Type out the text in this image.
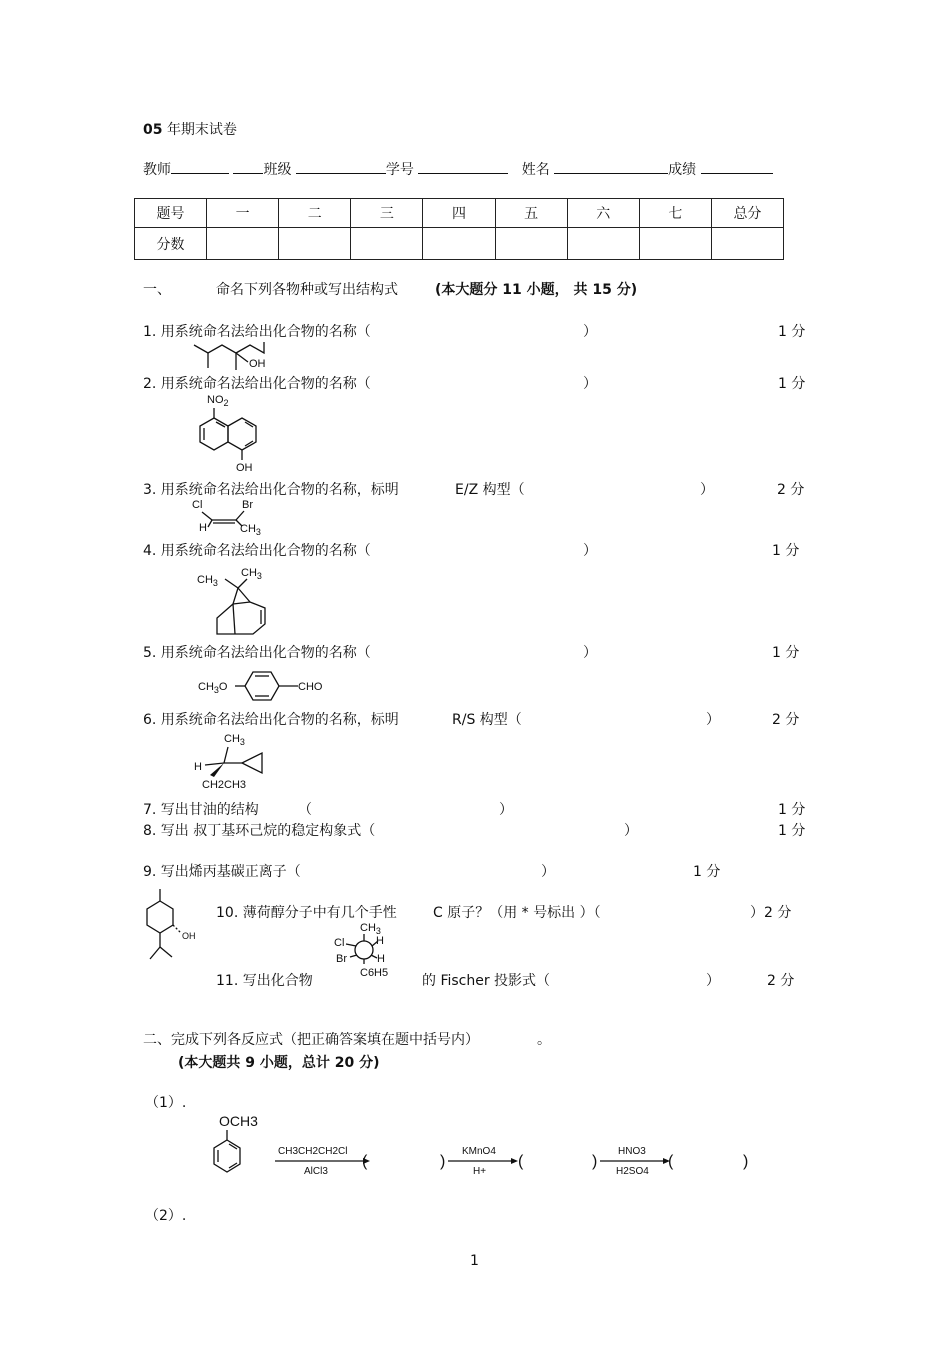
05 年期末试卷
教师	班级	学号	姓名	成绩
题号	一	二	三	四	五	六	七	总分
分数								
一、	命名下列各物种或写出结构式	(本大题分 11 小题， 共 15 分)
1. 用系统命名法给出化合物的名称（	）	1 分
OH
2. 用系统命名法给出化合物的名称（	）	1 分
$NO_2$
OH
3. 用系统命名法给出化合物的名称，标明	E/Z 构型（	）	2 分
Cl	Br
H	$CH_3$
4. 用系统命名法给出化合物的名称（	）	1 分
$CH_3$
$CH_3$
5. 用系统命名法给出化合物的名称（	）	1 分
$CH_3O$	CHO
6. 用系统命名法给出化合物的名称，标明	R/S 构型（	）	2 分
$CH_3$
H
CH2CH3
7. 写出甘油的结构	（	）	1 分
8. 写出 叔丁基环己烷的稳定构象式（	）	1 分
9. 写出烯丙基碳正离子（	）	1 分
OH
10. 薄荷醇分子中有几个手性	C 原子？（用 * 号标出 ）（	）2 分
$CH_3$
Cl	H
Br	H
C6H5
11. 写出化合物	的 Fischer 投影式（	）	2 分
二、完成下列各反应式（把正确答案填在题中括号内）	。
(本大题共 9 小题，总计 20 分)
（1）.
OCH3
CH3CH2CH2Cl
AlCl3
(	)
KMnO4
H+
(	)
HNO3
H2SO4
(	)
（2）.
1
